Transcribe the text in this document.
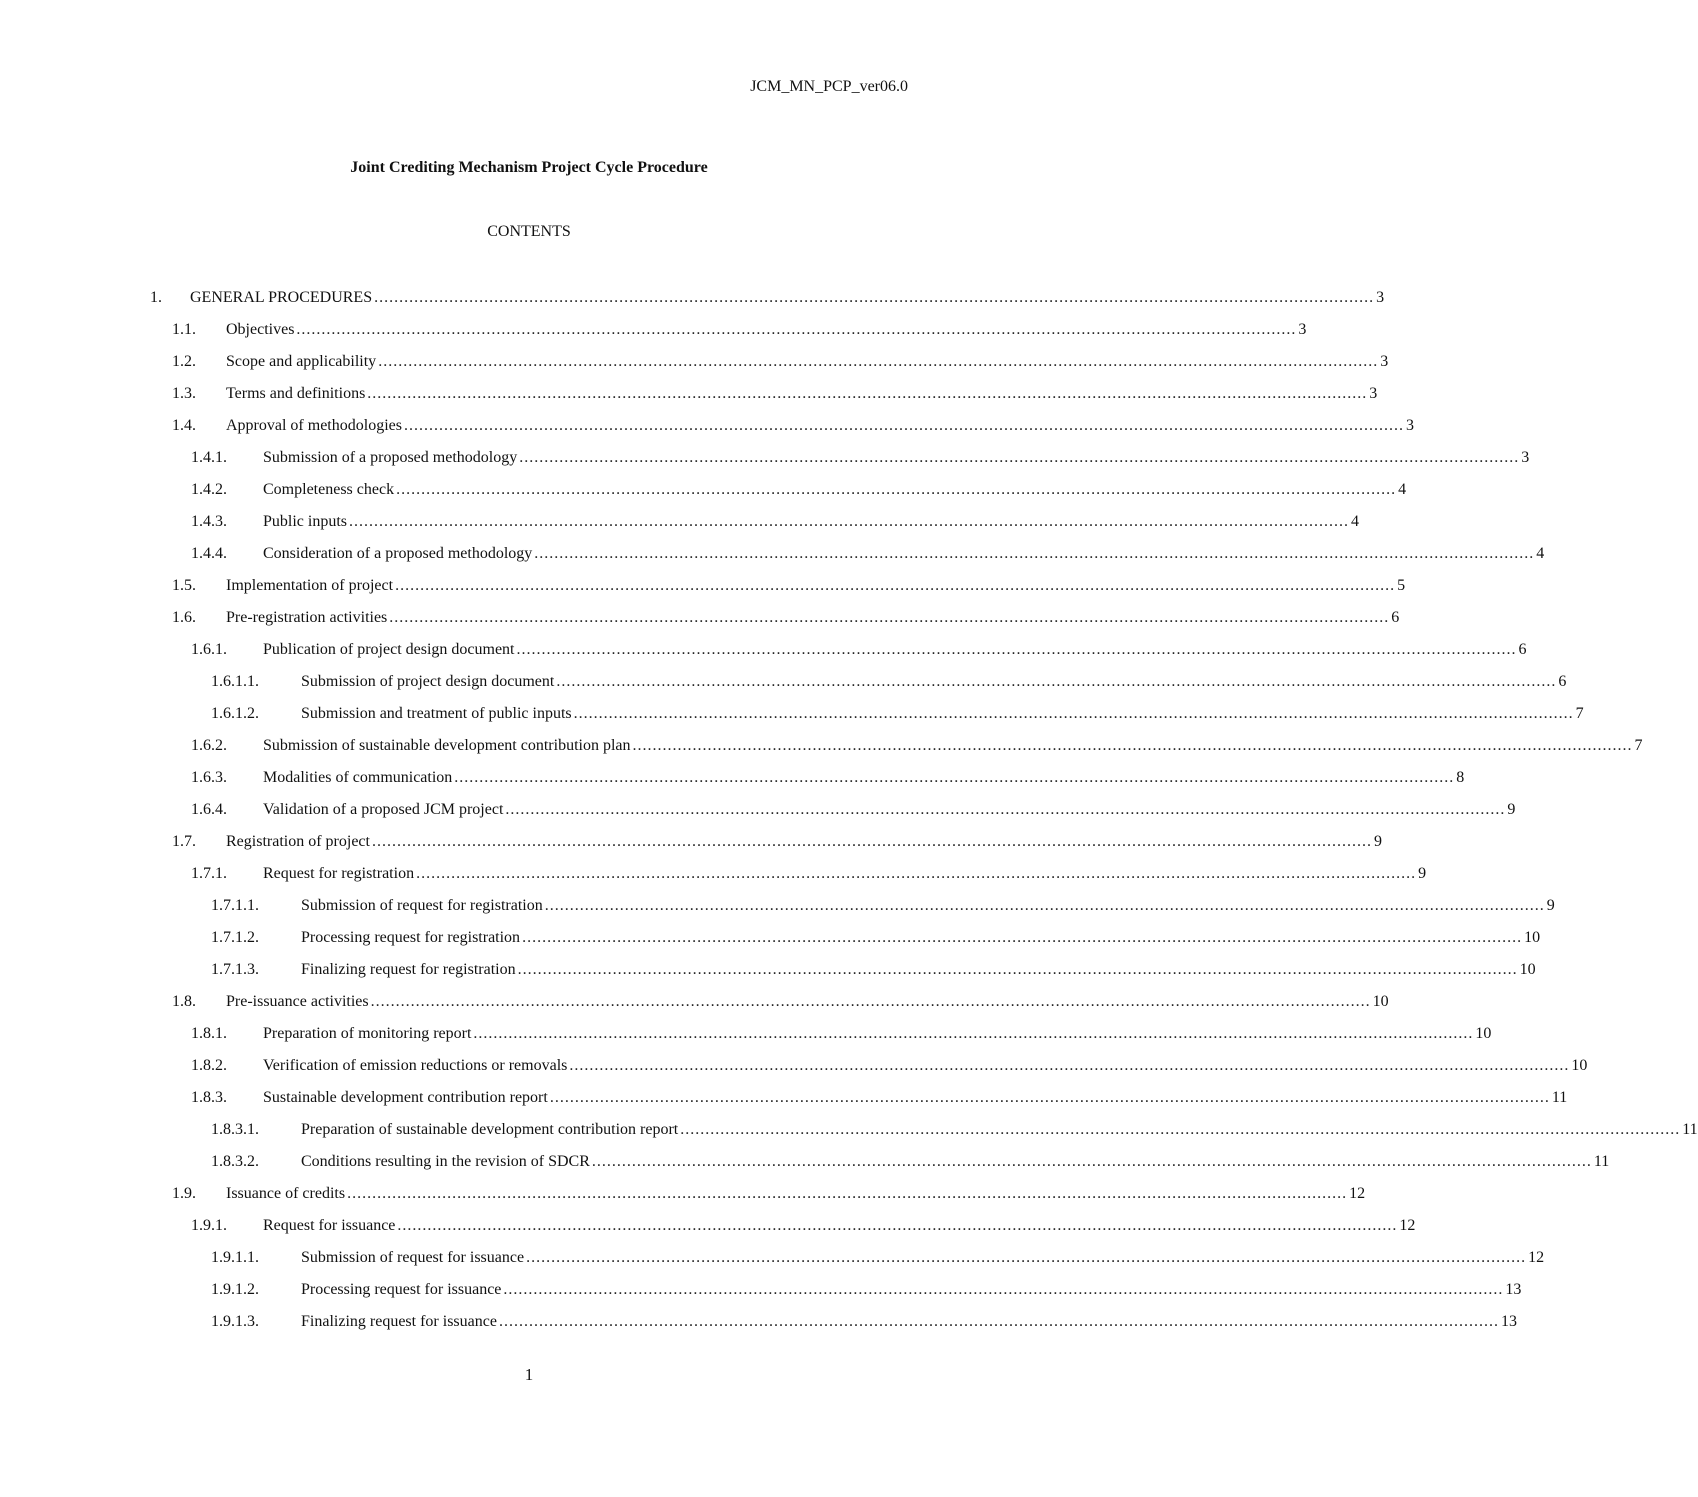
JCM_MN_PCP_ver06.0
Joint Crediting Mechanism Project Cycle Procedure
CONTENTS
1. GENERAL PROCEDURES ........................................................................................................................................................................................................ 3
1.1. Objectives ........................................................................................................................................................................................................ 3
1.2. Scope and applicability ........................................................................................................................................................................................................ 3
1.3. Terms and definitions ........................................................................................................................................................................................................ 3
1.4. Approval of methodologies ........................................................................................................................................................................................................ 3
1.4.1. Submission of a proposed methodology ........................................................................................................................................................................................................ 3
1.4.2. Completeness check ........................................................................................................................................................................................................ 4
1.4.3. Public inputs ........................................................................................................................................................................................................ 4
1.4.4. Consideration of a proposed methodology ........................................................................................................................................................................................................ 4
1.5. Implementation of project ........................................................................................................................................................................................................ 5
1.6. Pre-registration activities ........................................................................................................................................................................................................ 6
1.6.1. Publication of project design document ........................................................................................................................................................................................................ 6
1.6.1.1.	Submission of project design document ........................................................................................................................................................................................................ 6
1.6.1.2.	Submission and treatment of public inputs ........................................................................................................................................................................................................ 7
1.6.2. Submission of sustainable development contribution plan ........................................................................................................................................................................................................ 7
1.6.3. Modalities of communication ........................................................................................................................................................................................................ 8
1.6.4. Validation of a proposed JCM project ........................................................................................................................................................................................................ 9
1.7. Registration of project ........................................................................................................................................................................................................ 9
1.7.1. Request for registration ........................................................................................................................................................................................................ 9
1.7.1.1.	Submission of request for registration ........................................................................................................................................................................................................ 9
1.7.1.2.	Processing request for registration ........................................................................................................................................................................................................ 10
1.7.1.3.	Finalizing request for registration ........................................................................................................................................................................................................ 10
1.8. Pre-issuance activities ........................................................................................................................................................................................................ 10
1.8.1. Preparation of monitoring report ........................................................................................................................................................................................................ 10
1.8.2. Verification of emission reductions or removals ........................................................................................................................................................................................................ 10
1.8.3. Sustainable development contribution report ........................................................................................................................................................................................................ 11
1.8.3.1.	Preparation of sustainable development contribution report ........................................................................................................................................................................................................ 11
1.8.3.2.	Conditions resulting in the revision of SDCR ........................................................................................................................................................................................................ 11
1.9. Issuance of credits ........................................................................................................................................................................................................ 12
1.9.1. Request for issuance ........................................................................................................................................................................................................ 12
1.9.1.1.	Submission of request for issuance ........................................................................................................................................................................................................ 12
1.9.1.2.	Processing request for issuance ........................................................................................................................................................................................................ 13
1.9.1.3.	Finalizing request for issuance ........................................................................................................................................................................................................ 13
1
